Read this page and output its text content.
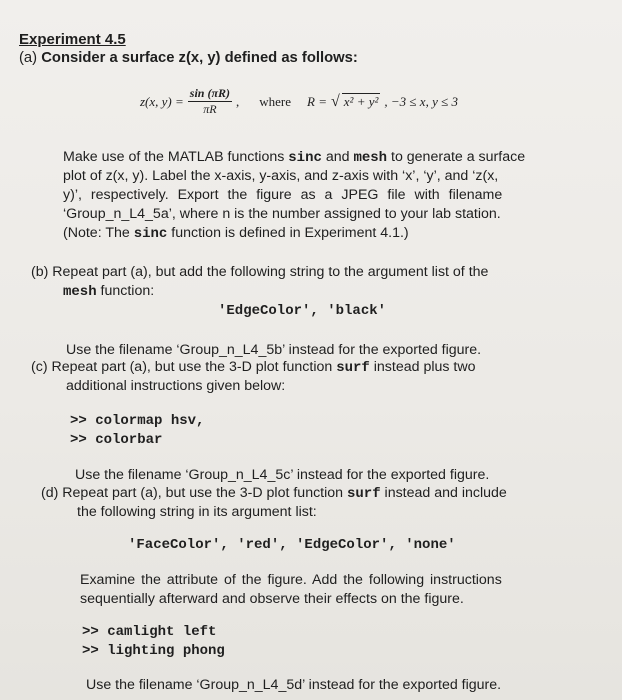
Experiment 4.5
(a) Consider a surface z(x, y) defined as follows:
z(x, $y) = \frac{\sin (\pi R)}{\pi R}$ , where R = √ x² + y² , −3 ≤ x, y ≤ 3
Make use of the MATLAB functions sinc and mesh to generate a surface
plot of z(x, y). Label the x-axis, y-axis, and z-axis with ‘x’, ‘y’, and ‘z(x,
y)’, respectively. Export the figure as a JPEG file with filename
‘Group_n_L4_5a’, where n is the number assigned to your lab station.
(Note: The sinc function is defined in Experiment 4.1.)
(b) Repeat part (a), but add the following string to the argument list of the
mesh function:
'EdgeColor', 'black'
Use the filename ‘Group_n_L4_5b’ instead for the exported figure.
(c) Repeat part (a), but use the 3-D plot function surf instead plus two
additional instructions given below:
>> colormap hsv,
>> colorbar
Use the filename ‘Group_n_L4_5c’ instead for the exported figure.
(d) Repeat part (a), but use the 3-D plot function surf instead and include
the following string in its argument list:
'FaceColor', 'red', 'EdgeColor', 'none'
Examine the attribute of the figure. Add the following instructions
sequentially afterward and observe their effects on the figure.
>> camlight left
>> lighting phong
Use the filename ‘Group_n_L4_5d’ instead for the exported figure.
